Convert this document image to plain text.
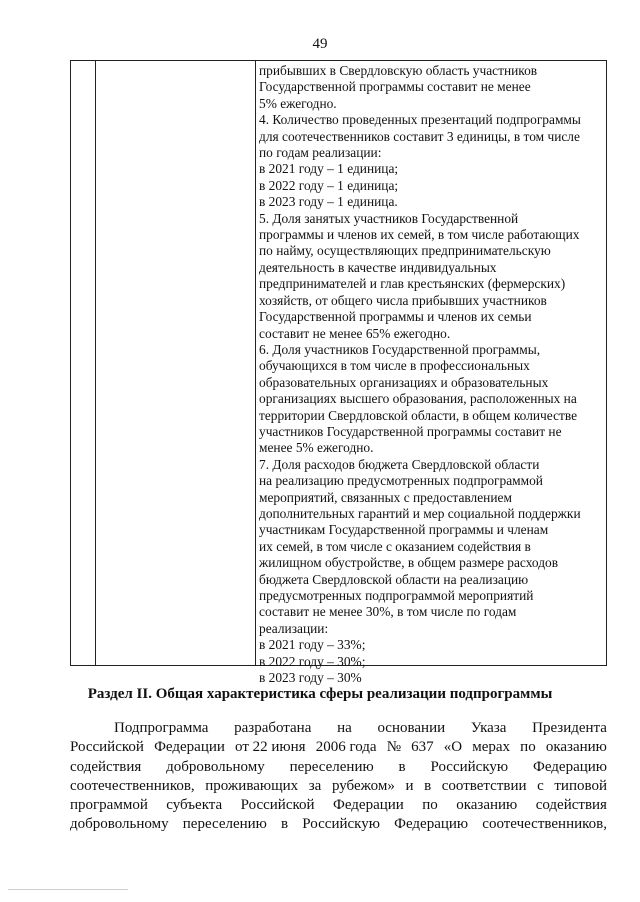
49
прибывших в Свердловскую область участников
Государственной программы составит не менее
5% ежегодно.
4. Количество проведенных презентаций подпрограммы
для соотечественников составит 3 единицы, в том числе
по годам реализации:
в 2021 году – 1 единица;
в 2022 году – 1 единица;
в 2023 году – 1 единица.
5. Доля занятых участников Государственной
программы и членов их семей, в том числе работающих
по найму, осуществляющих предпринимательскую
деятельность в качестве индивидуальных
предпринимателей и глав крестьянских (фермерских)
хозяйств, от общего числа прибывших участников
Государственной программы и членов их семьи
составит не менее 65% ежегодно.
6. Доля участников Государственной программы,
обучающихся в том числе в профессиональных
образовательных организациях и образовательных
организациях высшего образования, расположенных на
территории Свердловской области, в общем количестве
участников Государственной программы составит не
менее 5% ежегодно.
7. Доля расходов бюджета Свердловской области
на реализацию предусмотренных подпрограммой
мероприятий, связанных с предоставлением
дополнительных гарантий и мер социальной поддержки
участникам Государственной программы и членам
их семей, в том числе с оказанием содействия в
жилищном обустройстве, в общем размере расходов
бюджета Свердловской области на реализацию
предусмотренных подпрограммой мероприятий
составит не менее 30%, в том числе по годам
реализации:
в 2021 году – 33%;
в 2022 году – 30%;
в 2023 году – 30%
Раздел II. Общая характеристика сферы реализации подпрограммы
Подпрограмма разработана на основании Указа Президента
Российской Федерации от 22 июня 2006 года № 637 «О мерах по оказанию
содействия добровольному переселению в Российскую Федерацию
соотечественников, проживающих за рубежом» и в соответствии с типовой
программой субъекта Российской Федерации по оказанию содействия
добровольному переселению в Российскую Федерацию соотечественников,
